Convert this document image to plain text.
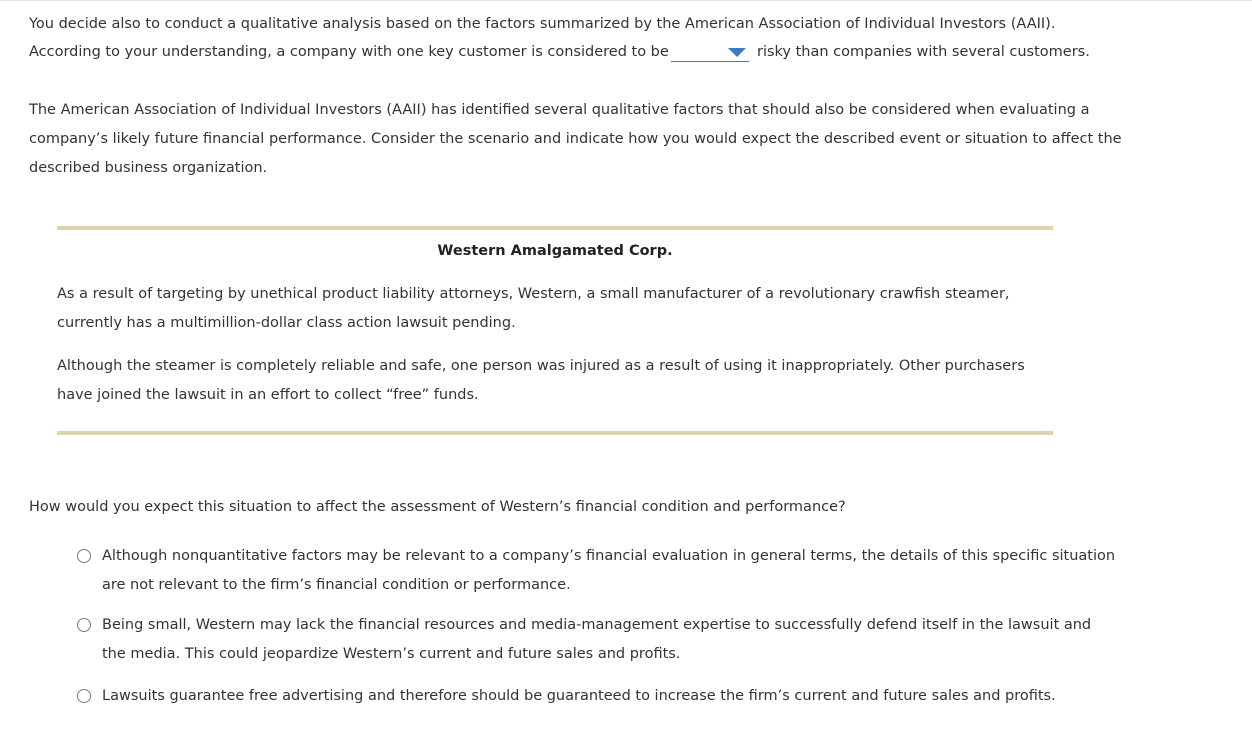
You decide also to conduct a qualitative analysis based on the factors summarized by the American Association of Individual Investors (AAII).
According to your understanding, a company with one key customer is considered to be	risky than companies with several customers.
The American Association of Individual Investors (AAII) has identified several qualitative factors that should also be considered when evaluating a
company’s likely future financial performance. Consider the scenario and indicate how you would expect the described event or situation to affect the
described business organization.
Western Amalgamated Corp.
As a result of targeting by unethical product liability attorneys, Western, a small manufacturer of a revolutionary crawfish steamer,
currently has a multimillion-dollar class action lawsuit pending.
Although the steamer is completely reliable and safe, one person was injured as a result of using it inappropriately. Other purchasers
have joined the lawsuit in an effort to collect “free” funds.
How would you expect this situation to affect the assessment of Western’s financial condition and performance?
Although nonquantitative factors may be relevant to a company’s financial evaluation in general terms, the details of this specific situation
are not relevant to the firm’s financial condition or performance.
Being small, Western may lack the financial resources and media-management expertise to successfully defend itself in the lawsuit and
the media. This could jeopardize Western’s current and future sales and profits.
Lawsuits guarantee free advertising and therefore should be guaranteed to increase the firm’s current and future sales and profits.
